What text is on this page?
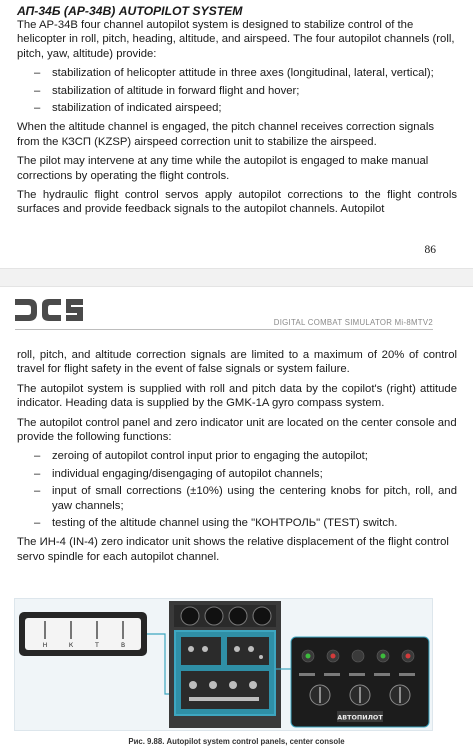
АП-34Б (AP-34B) AUTOPILOT SYSTEM

The AP-34B four channel autopilot system is designed to stabilize control of the helicopter in roll, pitch, heading, altitude, and airspeed. The four autopilot channels (roll, pitch, yaw, altitude) provide:

– stabilization of helicopter attitude in three axes (longitudinal, lateral, vertical);
– stabilization of altitude in forward flight and hover;
– stabilization of indicated airspeed;

When the altitude channel is engaged, the pitch channel receives correction signals from the КЗСП (KZSP) airspeed correction unit to stabilize the airspeed.

The pilot may intervene at any time while the autopilot is engaged to make manual corrections by operating the flight controls.

The hydraulic flight control servos apply autopilot corrections to the flight controls surfaces and provide feedback signals to the autopilot channels. Autopilot

86
DIGITAL COMBAT SIMULATOR Mi-8MTV2

roll, pitch, and altitude correction signals are limited to a maximum of 20% of control travel for flight safety in the event of false signals or system failure.

The autopilot system is supplied with roll and pitch data by the copilot's (right) attitude indicator. Heading data is supplied by the GMK-1A gyro compass system.

The autopilot control panel and zero indicator unit are located on the center console and provide the following functions:

– zeroing of autopilot control input prior to engaging the autopilot;
– individual engaging/disengaging of autopilot channels;
– input of small corrections (±10%) using the centering knobs for pitch, roll, and yaw channels;
– testing of the altitude channel using the "КОНТРОЛЬ" (TEST) switch.

The ИН-4 (IN-4) zero indicator unit shows the relative displacement of the flight control servo spindle for each autopilot channel.

Н	К	Т	В
АВТОПИЛОТ
Рис. 9.88. Autopilot system control panels, center console
